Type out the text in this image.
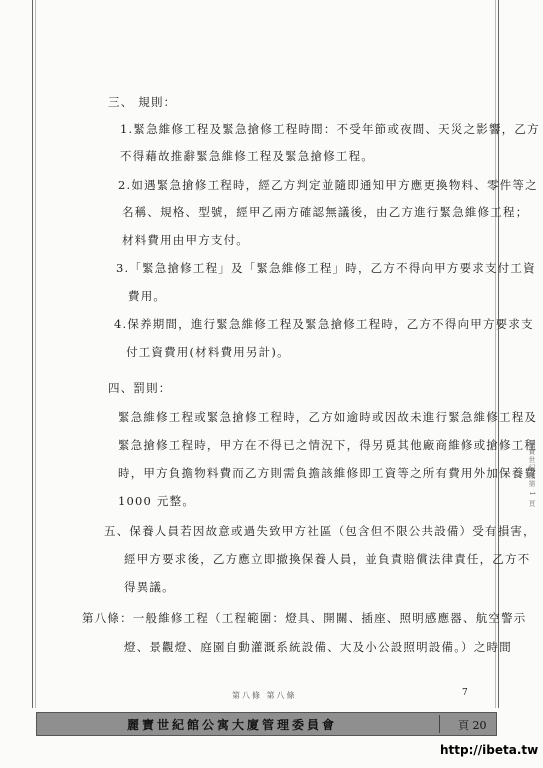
三、 規則：
1.緊急維修工程及緊急搶修工程時間：不受年節或夜間、天災之影響，乙方
不得藉故推辭緊急維修工程及緊急搶修工程。
2.如遇緊急搶修工程時，經乙方判定並隨即通知甲方應更換物料、零件等之
名稱、規格、型號，經甲乙兩方確認無議後，由乙方進行緊急維修工程；
材料費用由甲方支付。
3.「緊急搶修工程」及「緊急維修工程」時，乙方不得向甲方要求支付工資
費用。
4.保养期間，進行緊急維修工程及緊急搶修工程時，乙方不得向甲方要求支
付工資費用(材料費用另計)。
四、罰則：
緊急維修工程或緊急搶修工程時，乙方如逾時或因故未進行緊急維修工程及
緊急搶修工程時，甲方在不得已之情況下，得另覓其他廠商維修或搶修工程
時，甲方負擔物料費而乙方則需負擔該維修即工資等之所有費用外加保養費
1000 元整。
五、保養人員若因故意或過失致甲方社區（包含但不限公共設備）受有損害，
經甲方要求後，乙方應立即撤換保養人員，並負責賠償法律責任，乙方不
得異議。
第八條：一般維修工程（工程範圍：燈具、開關、插座、照明感應器、航空警示
燈、景觀燈、庭園自動灌溉系統設備、大及小公設照明設備。）之時間
第八條 第八條	7
麗寶世紀館公寓大廈管理委員會	頁 20
麗寶世紀館第 1 頁
http://ibeta.tw
